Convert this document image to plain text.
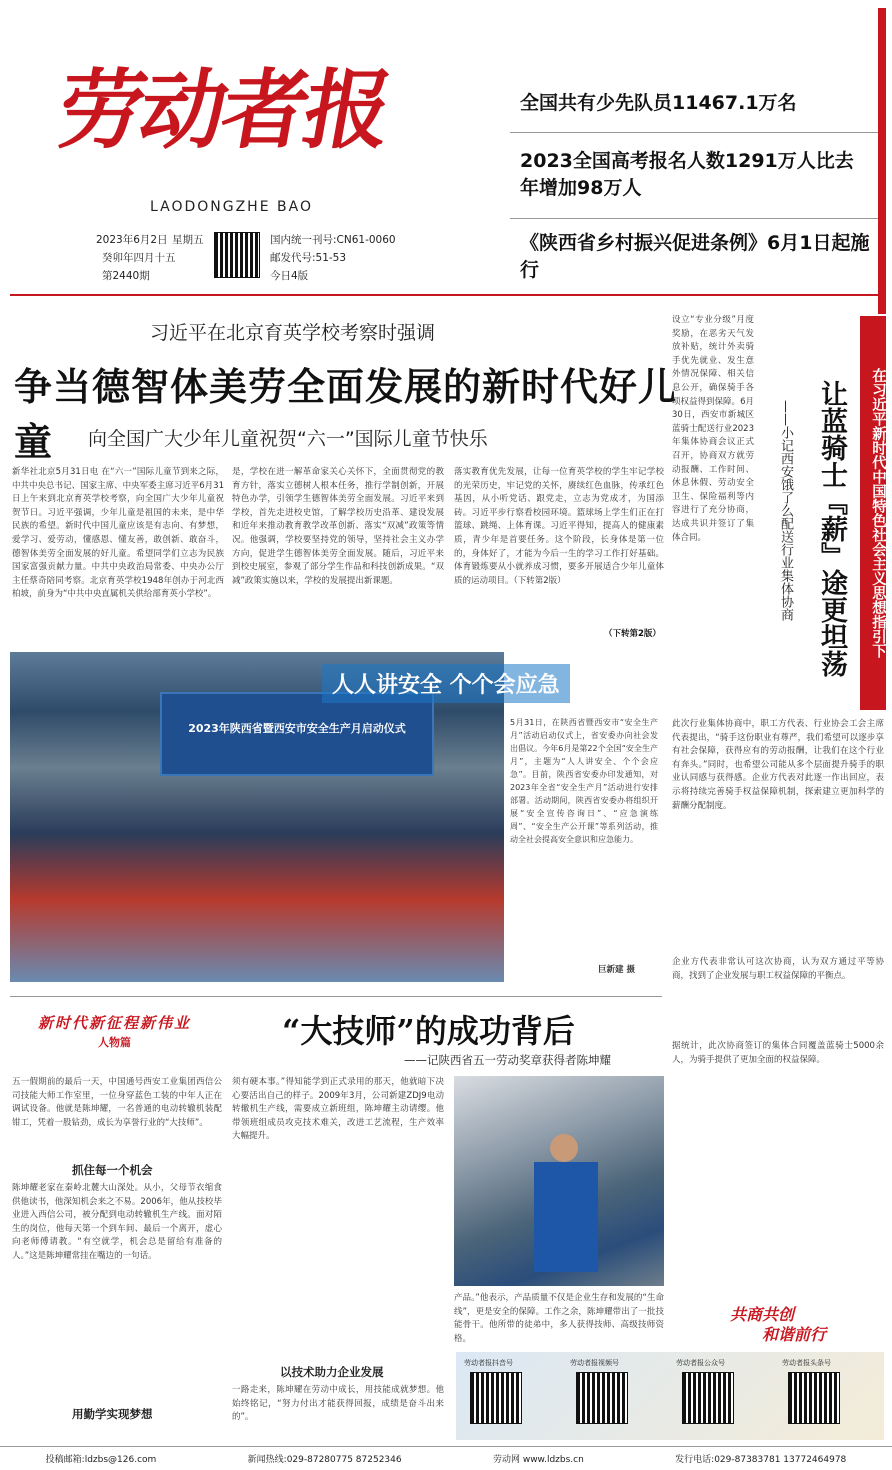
劳动者报
LAODONGZHE BAO
全国共有少先队员11467.1万名
2023全国高考报名人数1291万人比去年增加98万人
《陕西省乡村振兴促进条例》6月1日起施行
2023年6月2日 星期五
癸卯年四月十五
第2440期
国内统一刊号:CN61-0060
邮发代号:51-53
今日4版
习近平在北京育英学校考察时强调
争当德智体美劳全面发展的新时代好儿童	向全国广大少年儿童祝贺“六一”国际儿童节快乐
新华社北京5月31日电 在“六一”国际儿童节到来之际，中共中央总书记、国家主席、中央军委主席习近平6月31日上午来到北京育英学校考察，向全国广大少年儿童祝贺节日。习近平强调，少年儿童是祖国的未来，是中华民族的希望。新时代中国儿童应该是有志向、有梦想，爱学习、爱劳动，懂感恩、懂友善，敢创新、敢奋斗，德智体美劳全面发展的好儿童。希望同学们立志为民族国家富强贡献力量。中共中央政治局常委、中央办公厅主任蔡奇陪同考察。北京育英学校1948年创办于河北西柏坡，前身为“中共中央直属机关供给部育英小学校”。
是，学校在进一解革命家关心关怀下，全面贯彻党的教育方针，落实立德树人根本任务，推行学制创新，开展特色办学，引领学生德智体美劳全面发展。习近平来到学校，首先走进校史馆，了解学校历史沿革、建设发展和近年来推动教育教学改革创新、落实“双减”政策等情况。他强调，学校要坚持党的领导，坚持社会主义办学方向，促进学生德智体美劳全面发展。随后，习近平来到校史展室，参观了部分学生作品和科技创新成果。“双减”政策实施以来，学校的发展提出新课题。
落实教育优先发展，让每一位育英学校的学生牢记学校的光荣历史，牢记党的关怀，赓续红色血脉，传承红色基因，从小听党话、跟党走，立志为党成才，为国添砖。习近平步行察看校园环境。篮球场上学生们正在打篮球、跳绳、上体育课。习近平得知，提高人的健康素质，青少年是首要任务。这个阶段，长身体是第一位的，身体好了，才能为今后一生的学习工作打好基础。体育锻炼要从小就养成习惯，要多开展适合少年儿童体质的运动项目。（下转第2版）
（下转第2版）
2023年陕西省暨西安市安全生产月启动仪式
人人讲安全 个个会应急
5月31日，在陕西省暨西安市“安全生产月”活动启动仪式上，省安委办向社会发出倡议。今年6月是第22个全国“安全生产月”，主题为“人人讲安全、个个会应急”。目前，陕西省安委办印发通知，对2023年全省“安全生产月”活动进行安排部署。活动期间，陕西省安委办将组织开展“安全宣传咨询日”、“应急演练周”、“安全生产公开课”等系列活动，推动全社会提高安全意识和应急能力。
巨新建 摄
设立“专业分级”月度奖励，在恶劣天气发放补贴，统计外卖骑手优先就业、发生意外情况保障、相关信息公开，确保骑手各项权益得到保障。6月30日，西安市新城区蓝骑士配送行业2023年集体协商会议正式召开，协商双方就劳动报酬、工作时间、休息休假、劳动安全卫生、保险福利等内容进行了充分协商，达成共识并签订了集体合同。	让蓝骑士『薪』途更坦荡
——小记西安饿了么配送行业集体协商	在习近平新时代中国特色社会主义思想指引下
此次行业集体协商中，职工方代表、行业协会工会主席代表提出，“骑手这份职业有尊严，我们希望可以逐步享有社会保障，获得应有的劳动报酬，让我们在这个行业有奔头。”同时，也希望公司能从多个层面提升骑手的职业认同感与获得感。企业方代表对此逐一作出回应，表示将持续完善骑手权益保障机制，探索建立更加科学的薪酬分配制度。
企业方代表非常认可这次协商，认为双方通过平等协商，找到了企业发展与职工权益保障的平衡点。
据统计，此次协商签订的集体合同覆盖蓝骑士5000余人，为骑手提供了更加全面的权益保障。
共商共创
和谐前行
新时代新征程新伟业
人物篇	“大技师”的成功背后
——记陕西省五一劳动奖章获得者陈坤耀
五一假期前的最后一天，中国通号西安工业集团西信公司技能大师工作室里，一位身穿蓝色工装的中年人正在调试设备。他就是陈坤耀，一名普通的电动转辙机装配钳工，凭着一股钻劲，成长为享誉行业的“大技师”。
抓住每一个机会
陈坤耀老家在秦岭北麓大山深处。从小，父母节衣缩食供他读书，他深知机会来之不易。2006年，他从技校毕业进入西信公司，被分配到电动转辙机生产线。面对陌生的岗位，他每天第一个到车间、最后一个离开，虚心向老师傅请教。“有空就学，机会总是留给有准备的人。”这是陈坤耀常挂在嘴边的一句话。
用勤学实现梦想
须有硬本事。”得知能学到正式录用的那天，他就暗下决心要活出自己的样子。2009年3月，公司新建ZDJ9电动转辙机生产线，需要成立新班组，陈坤耀主动请缨。他带领班组成员攻克技术难关，改进工艺流程，生产效率大幅提升。
以技术助力企业发展
一路走来，陈坤耀在劳动中成长，用技能成就梦想。他始终铭记，“努力付出才能获得回报，成绩是奋斗出来的”。
产品。”他表示，产品质量不仅是企业生存和发展的“生命线”，更是安全的保障。工作之余，陈坤耀带出了一批技能骨干。他所带的徒弟中，多人获得技师、高级技师资格。
劳动者报抖音号	劳动者报视频号	劳动者报公众号	劳动者报头条号
投稿邮箱:ldzbs@126.com	新闻热线:029-87280775 87252346	劳动网 www.ldzbs.cn	发行电话:029-87383781 13772464978
